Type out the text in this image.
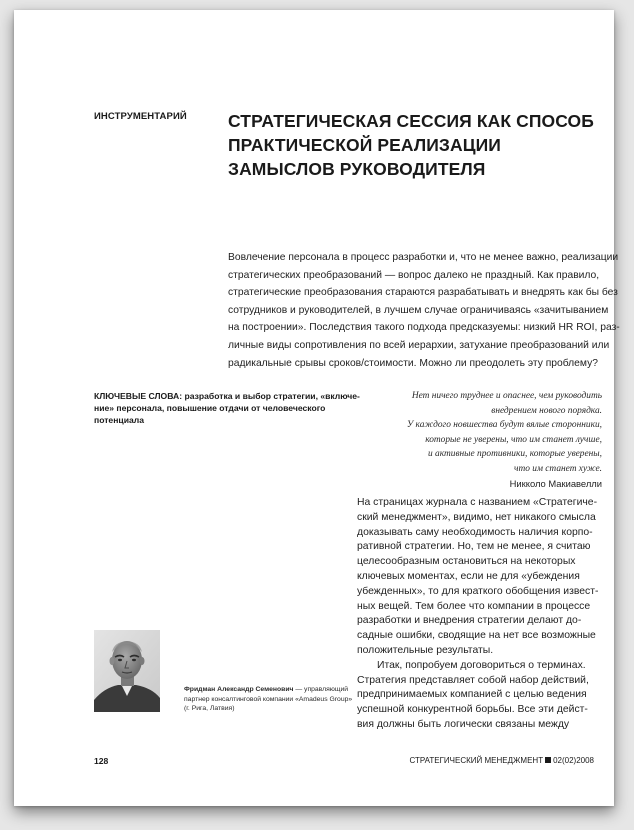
ИНСТРУМЕНТАРИЙ СТРАТЕГИЧЕСКАЯ СЕССИЯ КАК СПОСОБ
ПРАКТИЧЕСКОЙ РЕАЛИЗАЦИИ
ЗАМЫСЛОВ РУКОВОДИТЕЛЯ
Вовлечение персонала в процесс разработки и, что не менее важно, реализации
стратегических преобразований — вопрос далеко не праздный. Как правило,
стратегические преобразования стараются разрабатывать и внедрять как бы без
сотрудников и руководителей, в лучшем случае ограничиваясь «зачитыванием
на построении». Последствия такого подхода предсказуемы: низкий HR ROI, раз-
личные виды сопротивления по всей иерархии, затухание преобразований или
радикальные срывы сроков/стоимости. Можно ли преодолеть эту проблему?
КЛЮЧЕВЫЕ СЛОВА: разработка и выбор стратегии, «включе-
ние» персонала, повышение отдачи от человеческого
потенциала
Нет ничего труднее и опаснее, чем руководить
внедрением нового порядка.
У каждого новшества будут вялые сторонники,
которые не уверены, что им станет лучше,
и активные противники, которые уверены,
что им станет хуже.
Никколо Макиавелли
На страницах журнала с названием «Стратегиче-
ский менеджмент», видимо, нет никакого смысла
доказывать саму необходимость наличия корпо-
ративной стратегии. Но, тем не менее, я считаю
целесообразным остановиться на некоторых
ключевых моментах, если не для «убеждения
убежденных», то для краткого обобщения извест-
ных вещей. Тем более что компании в процессе
разработки и внедрения стратегии делают до-
садные ошибки, сводящие на нет все возможные
положительные результаты.
Итак, попробуем договориться о терминах.
Стратегия представляет собой набор действий,
предпринимаемых компанией с целью ведения
успешной конкурентной борьбы. Все эти дейст-
вия должны быть логически связаны между
Фридман Александр Семенович — управляющий
партнер консалтинговой компании «Amadeus Group»
(г. Рига, Латвия)
128	СТРАТЕГИЧЕСКИЙ МЕНЕДЖМЕНТ 02(02)2008
